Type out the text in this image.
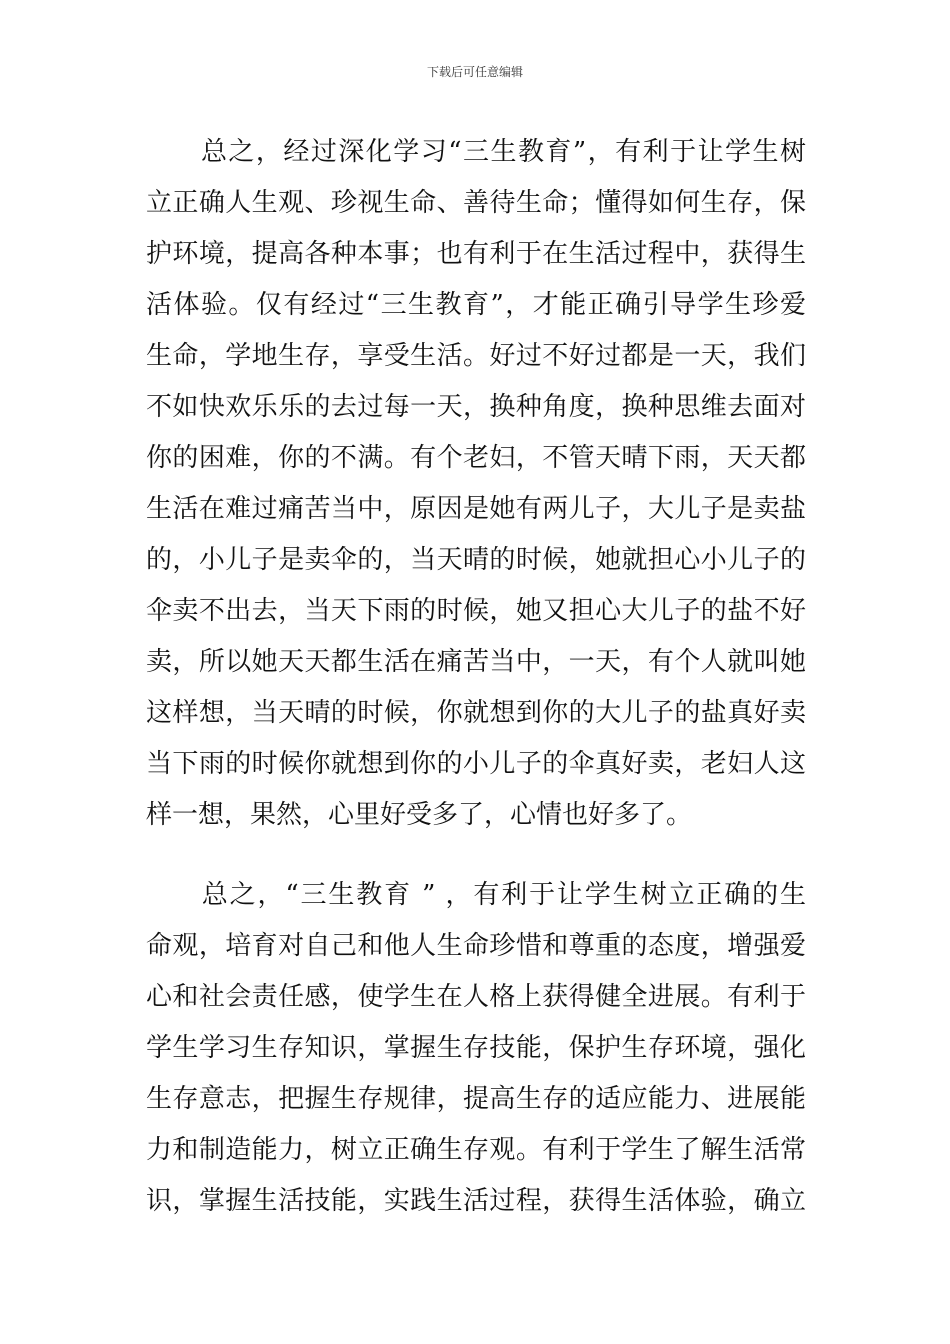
下载后可任意编辑
　　总之，经过深化学习“三生教育”，有利于让学生树
立正确人生观、珍视生命、善待生命；懂得如何生存，保
护环境，提高各种本事；也有利于在生活过程中，获得生
活体验。仅有经过“三生教育”，才能正确引导学生珍爱
生命，学地生存，享受生活。好过不好过都是一天，我们
不如快欢乐乐的去过每一天，换种角度，换种思维去面对
你的困难，你的不满。有个老妇，不管天晴下雨，天天都
生活在难过痛苦当中，原因是她有两儿子，大儿子是卖盐
的，小儿子是卖伞的，当天晴的时候，她就担心小儿子的
伞卖不出去，当天下雨的时候，她又担心大儿子的盐不好
卖，所以她天天都生活在痛苦当中，一天，有个人就叫她
这样想，当天晴的时候，你就想到你的大儿子的盐真好卖
当下雨的时候你就想到你的小儿子的伞真好卖，老妇人这
样一想，果然，心里好受多了，心情也好多了。
　　总之，“三生教育 ” ，有利于让学生树立正确的生
命观，培育对自己和他人生命珍惜和尊重的态度，增强爱
心和社会责任感，使学生在人格上获得健全进展。有利于
学生学习生存知识，掌握生存技能，保护生存环境，强化
生存意志，把握生存规律，提高生存的适应能力、进展能
力和制造能力，树立正确生存观。有利于学生了解生活常
识，掌握生活技能，实践生活过程，获得生活体验，确立
